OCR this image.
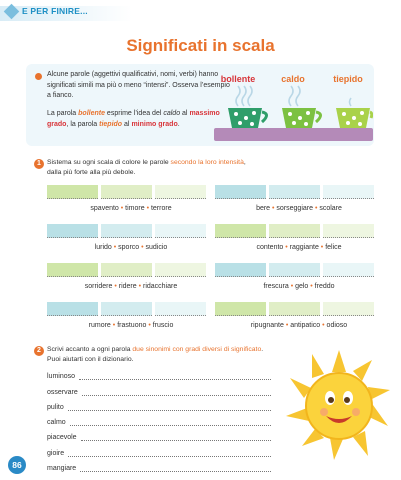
E PER FINIRE...
Significati in scala
Alcune parole (aggettivi qualificativi, nomi, verbi) hanno significati simili ma più o meno “intensi”. Osserva l’esempio a fianco.
La parola bollente esprime l’idea del caldo al massimo grado, la parola tiepido al minimo grado.
bollente	caldo	tiepido
1 Sistema su ogni scala di colore le parole secondo la loro intensità,
dalla più forte alla più debole.
spavento • timore • terrore	bere • sorseggiare • scolare
lurido • sporco • sudicio	contento • raggiante • felice
sorridere • ridere • ridacchiare	frescura • gelo • freddo
rumore • frastuono • fruscio	ripugnante • antipatico • odioso
2 Scrivi accanto a ogni parola due sinonimi con gradi diversi di significato.
Puoi aiutarti con il dizionario.
luminoso
osservare
pulito
calmo
piacevole
gioire
mangiare
86
